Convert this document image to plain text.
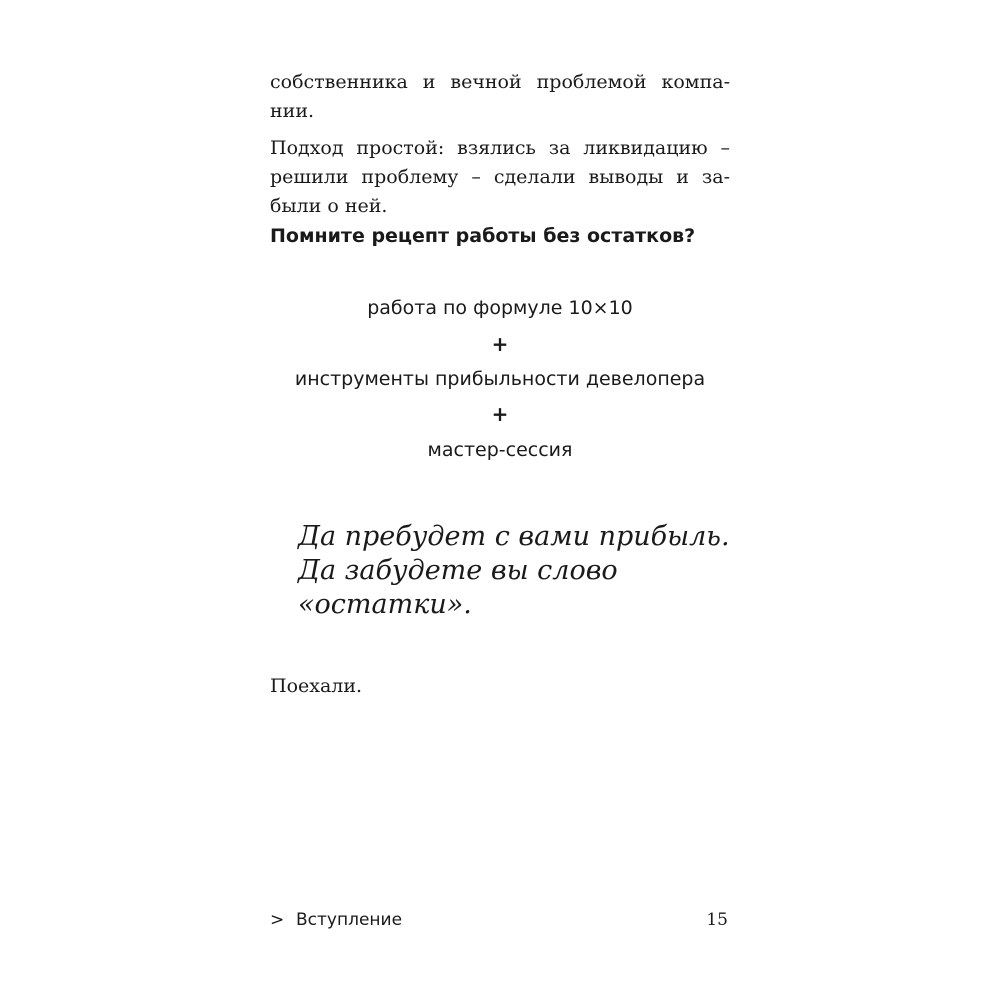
собственника и вечной проблемой компа-
нии.

Подход простой: взялись за ликвидацию –
решили проблему – сделали выводы и за-
были о ней.

Помните рецепт работы без остатков?

работа по формуле 10×10
+
инструменты прибыльности девелопера
+
мастер-сессия
Да пребудет с вами прибыль.
Да забудете вы слово
«остатки».

Поехали.

> Вступление	15
